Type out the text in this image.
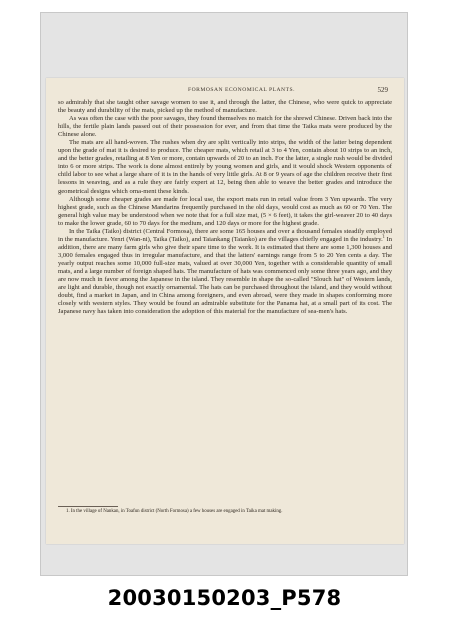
FORMOSAN ECONOMICAL PLANTS.	529

so admirably that she taught other savage women to use it, and through the latter, the Chinese, who were quick to appreciate the beauty and durability of the mats, picked up the method of manufacture.

As was often the case with the poor savages, they found themselves no match for the shrewd Chinese. Driven back into the hills, the fertile plain lands passed out of their possession for ever, and from that time the Taika mats were produced by the Chinese alone.

The mats are all hand-woven. The rushes when dry are split vertically into strips, the width of the latter being dependent upon the grade of mat it is desired to produce. The cheaper mats, which retail at 3 to 4 Yen, contain about 10 strips to an inch, and the better grades, retailing at 8 Yen or more, contain upwards of 20 to an inch. For the latter, a single rush would be divided into 6 or more strips. The work is done almost entirely by young women and girls, and it would shock Western opponents of child labor to see what a large share of it is in the hands of very little girls. At 8 or 9 years of age the children receive their first lessons in weaving, and as a rule they are fairly expert at 12, being then able to weave the better grades and introduce the geometrical designs which orna-ment these kinds.

Although some cheaper grades are made for local use, the export mats run in retail value from 3 Yen upwards. The very highest grade, such as the Chinese Mandarins frequently purchased in the old days, would cost as much as 60 or 70 Yen. The general high value may be understood when we note that for a full size mat, (5 × 6 feet), it takes the girl-weaver 20 to 40 days to make the lower grade, 60 to 70 days for the medium, and 120 days or more for the highest grade.

In the Taika (Taiko) district (Central Formosa), there are some 165 houses and over a thousand females steadily employed in the manufacture. Yenri (Wan-ni), Taika (Taiko), and Taiankang (Taianko) are the villages chiefly engaged in the industry.$^1$ In addition, there are many farm girls who give their spare time to the work. It is estimated that there are some 1,300 houses and 3,000 females engaged thus in irregular manufacture, and that the latters' earnings range from 5 to 20 Yen cents a day. The yearly output reaches some 10,000 full-size mats, valued at over 30,000 Yen, together with a considerable quantity of small mats, and a large number of foreign shaped hats. The manufacture of hats was commenced only some three years ago, and they are now much in favor among the Japanese in the island. They resemble in shape the so-called "Slouch hat" of Western lands, are light and durable, though not exactly ornamental. The hats can be purchased throughout the island, and they would without doubt, find a market in Japan, and in China among foreigners, and even abroad, were they made in shapes conforming more closely with western styles. They would be found an admirable substitute for the Panama hat, at a small part of its cost. The Japanese navy has taken into consideration the adoption of this material for the manufacture of sea-men's hats.

1. In the village of Nankan, in Toafun district (North Formosa) a few houses are engaged in Taika mat making.
20030150203_P578
